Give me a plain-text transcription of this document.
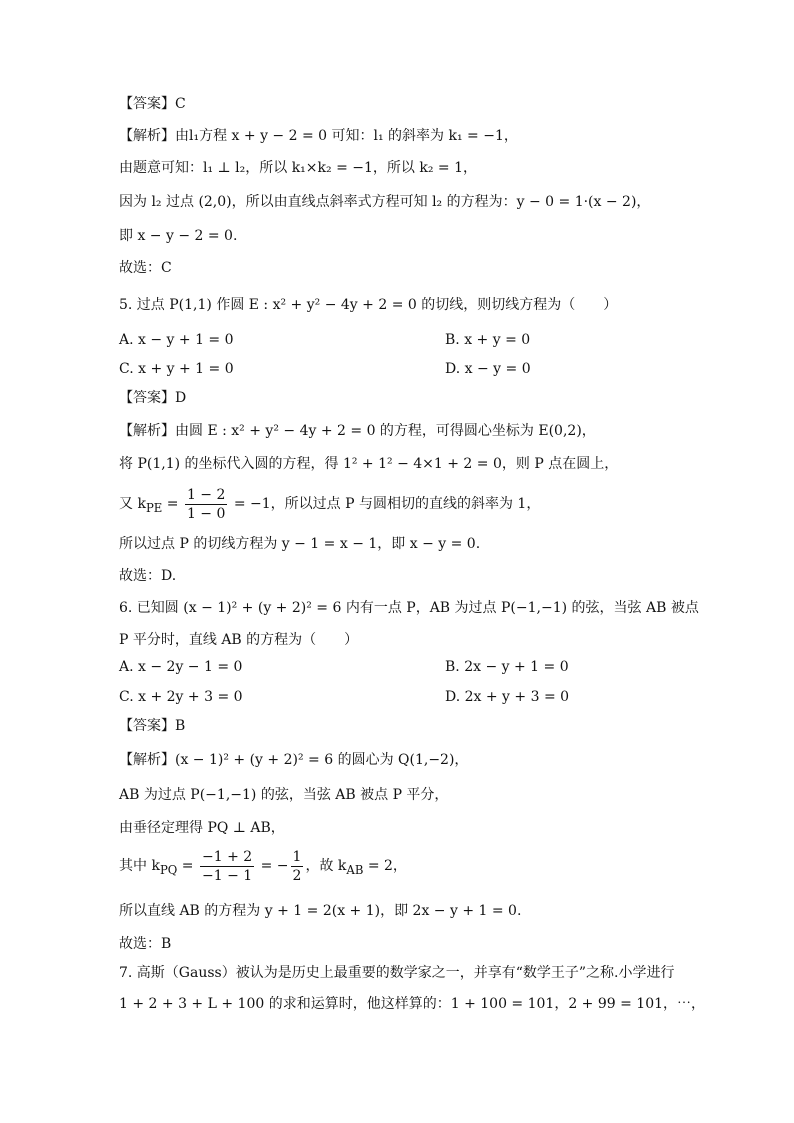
【答案】C
【解析】由l₁方程 x + y − 2 = 0 可知：l₁ 的斜率为 k₁ = −1，
由题意可知：l₁ ⊥ l₂，所以 k₁×k₂ = −1，所以 k₂ = 1，
因为 l₂ 过点 (2,0)，所以由直线点斜率式方程可知 l₂ 的方程为：y − 0 = 1·(x − 2)，
即 x − y − 2 = 0.
故选：C
5. 过点 P(1,1) 作圆 E : x² + y² − 4y + 2 = 0 的切线，则切线方程为（　　）
A. x − y + 1 = 0	B. x + y = 0
C. x + y + 1 = 0	D. x − y = 0
【答案】D
【解析】由圆 E : x² + y² − 4y + 2 = 0 的方程，可得圆心坐标为 E(0,2)，
将 P(1,1) 的坐标代入圆的方程，得 1² + 1² − 4×1 + 2 = 0，则 P 点在圆上，
又 $k_{PE} = \frac{1 - 2}{1 - 0} = -1$，所以过点 P 与圆相切的直线的斜率为 1，
所以过点 P 的切线方程为 y − 1 = x − 1，即 x − y = 0.
故选：D.
6. 已知圆 (x − 1)² + (y + 2)² = 6 内有一点 P，AB 为过点 P(−1,−1) 的弦，当弦 AB 被点
P 平分时，直线 AB 的方程为（　　）
A. x − 2y − 1 = 0	B. 2x − y + 1 = 0
C. x + 2y + 3 = 0	D. 2x + y + 3 = 0
【答案】B
【解析】(x − 1)² + (y + 2)² = 6 的圆心为 Q(1,−2)，
AB 为过点 P(−1,−1) 的弦，当弦 AB 被点 P 平分，
由垂径定理得 PQ ⊥ AB，
其中 $k_{PQ} = \frac{-1 + 2}{-1 - 1}$ = − $\frac{1}{2}$ ，故 $k_{AB} = 2$，
所以直线 AB 的方程为 y + 1 = 2(x + 1)，即 2x − y + 1 = 0.
故选：B
7. 高斯（Gauss）被认为是历史上最重要的数学家之一，并享有“数学王子”之称.小学进行
1 + 2 + 3 + L + 100 的求和运算时，他这样算的：1 + 100 = 101，2 + 99 = 101，⋯，
